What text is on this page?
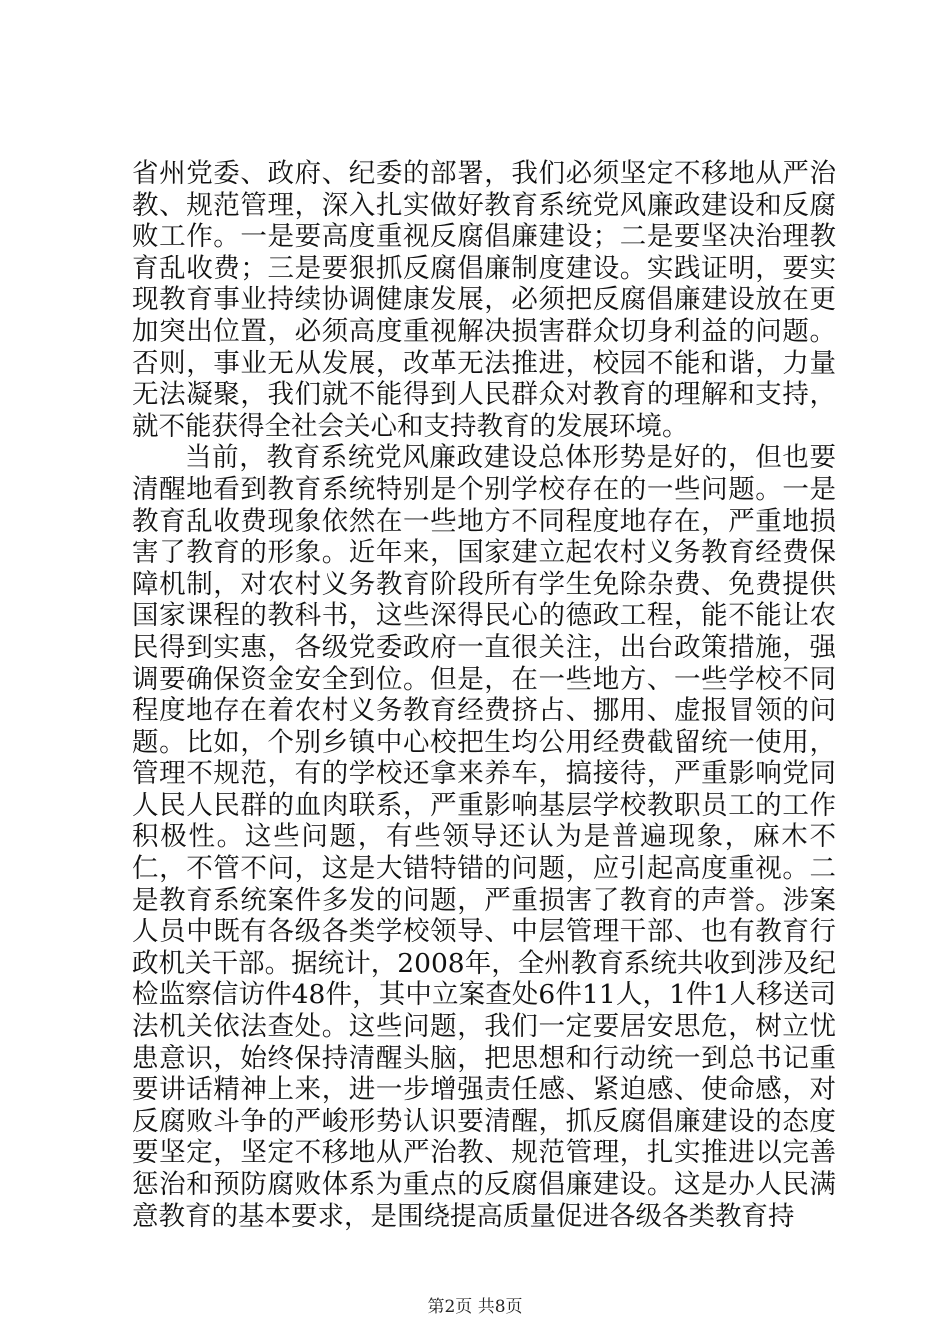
省州党委、政府、纪委的部署，我们必须坚定不移地从严治教、规范管理，深入扎实做好教育系统党风廉政建设和反腐败工作。一是要高度重视反腐倡廉建设；二是要坚决治理教育乱收费；三是要狠抓反腐倡廉制度建设。实践证明，要实现教育事业持续协调健康发展，必须把反腐倡廉建设放在更加突出位置，必须高度重视解决损害群众切身利益的问题。否则，事业无从发展，改革无法推进，校园不能和谐，力量无法凝聚，我们就不能得到人民群众对教育的理解和支持，就不能获得全社会关心和支持教育的发展环境。

当前，教育系统党风廉政建设总体形势是好的，但也要清醒地看到教育系统特别是个别学校存在的一些问题。一是教育乱收费现象依然在一些地方不同程度地存在，严重地损害了教育的形象。近年来，国家建立起农村义务教育经费保障机制，对农村义务教育阶段所有学生免除杂费、免费提供国家课程的教科书，这些深得民心的德政工程，能不能让农民得到实惠，各级党委政府一直很关注，出台政策措施，强调要确保资金安全到位。但是，在一些地方、一些学校不同程度地存在着农村义务教育经费挤占、挪用、虚报冒领的问题。比如，个别乡镇中心校把生均公用经费截留统一使用，管理不规范，有的学校还拿来养车，搞接待，严重影响党同人民人民群的血肉联系，严重影响基层学校教职员工的工作积极性。这些问题，有些领导还认为是普遍现象，麻木不仁，不管不问，这是大错特错的问题，应引起高度重视。二是教育系统案件多发的问题，严重损害了教育的声誉。涉案人员中既有各级各类学校领导、中层管理干部、也有教育行政机关干部。据统计，2008年，全州教育系统共收到涉及纪检监察信访件48件，其中立案查处6件11人，1件1人移送司法机关依法查处。这些问题，我们一定要居安思危，树立忧患意识，始终保持清醒头脑，把思想和行动统一到总书记重要讲话精神上来，进一步增强责任感、紧迫感、使命感，对反腐败斗争的严峻形势认识要清醒，抓反腐倡廉建设的态度要坚定，坚定不移地从严治教、规范管理，扎实推进以完善惩治和预防腐败体系为重点的反腐倡廉建设。这是办人民满意教育的基本要求，是围绕提高质量促进各级各类教育持

第2页 共8页
